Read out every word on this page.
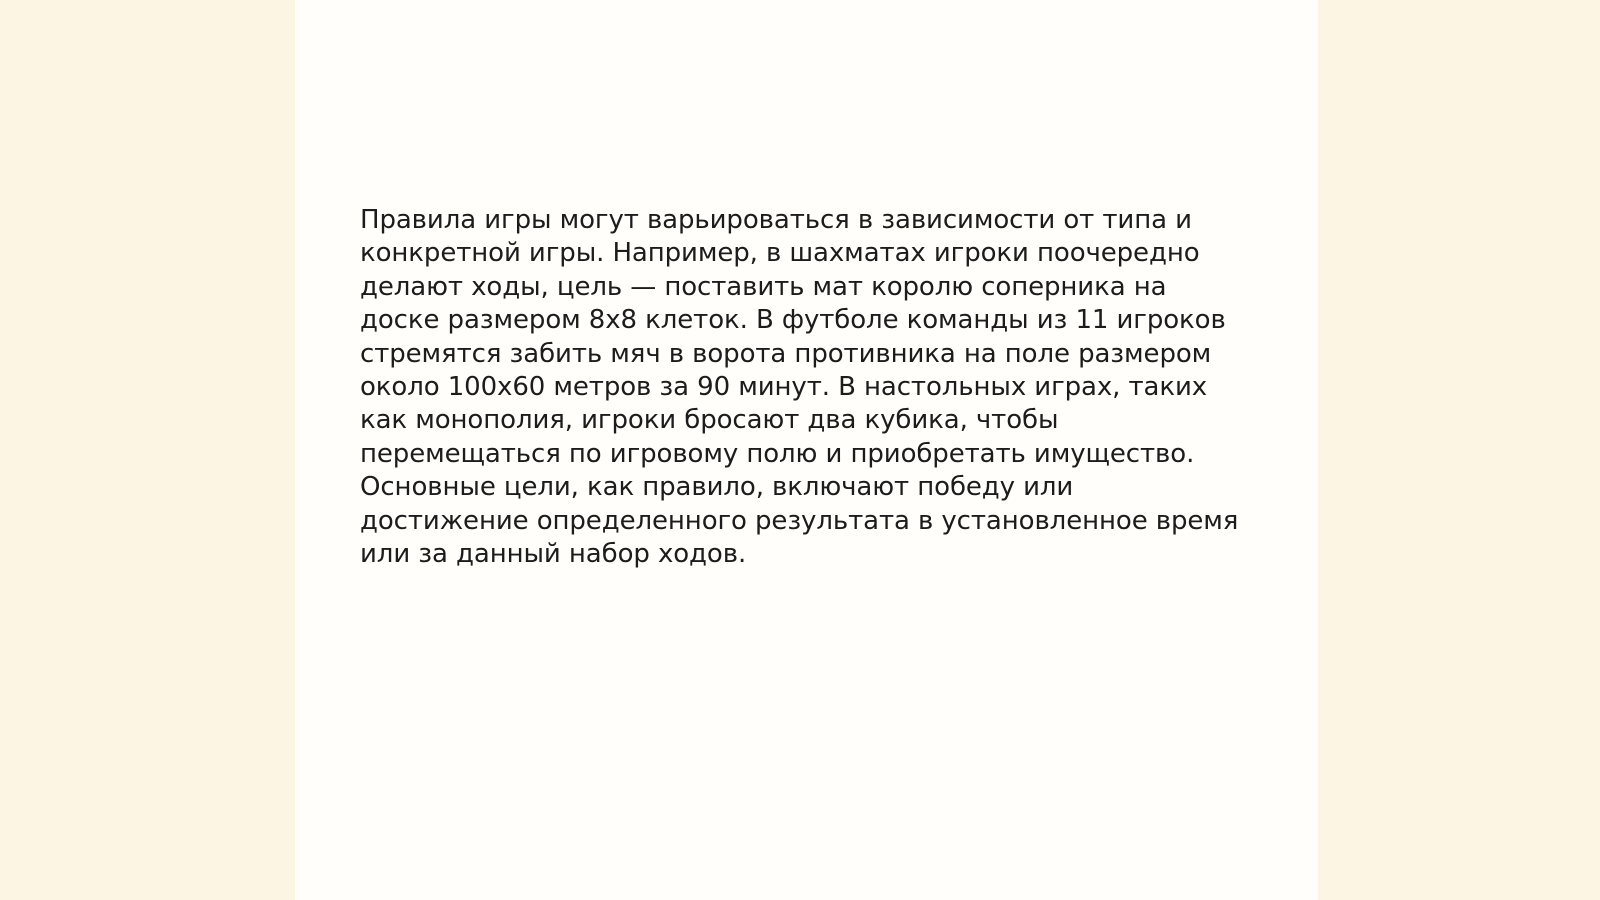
Правила игры могут варьироваться в зависимости от типа и
конкретной игры. Например, в шахматах игроки поочередно
делают ходы, цель — поставить мат королю соперника на
доске размером 8x8 клеток. В футболе команды из 11 игроков
стремятся забить мяч в ворота противника на поле размером
около 100x60 метров за 90 минут. В настольных играх, таких
как монополия, игроки бросают два кубика, чтобы
перемещаться по игровому полю и приобретать имущество.
Основные цели, как правило, включают победу или
достижение определенного результата в установленное время
или за данный набор ходов.
